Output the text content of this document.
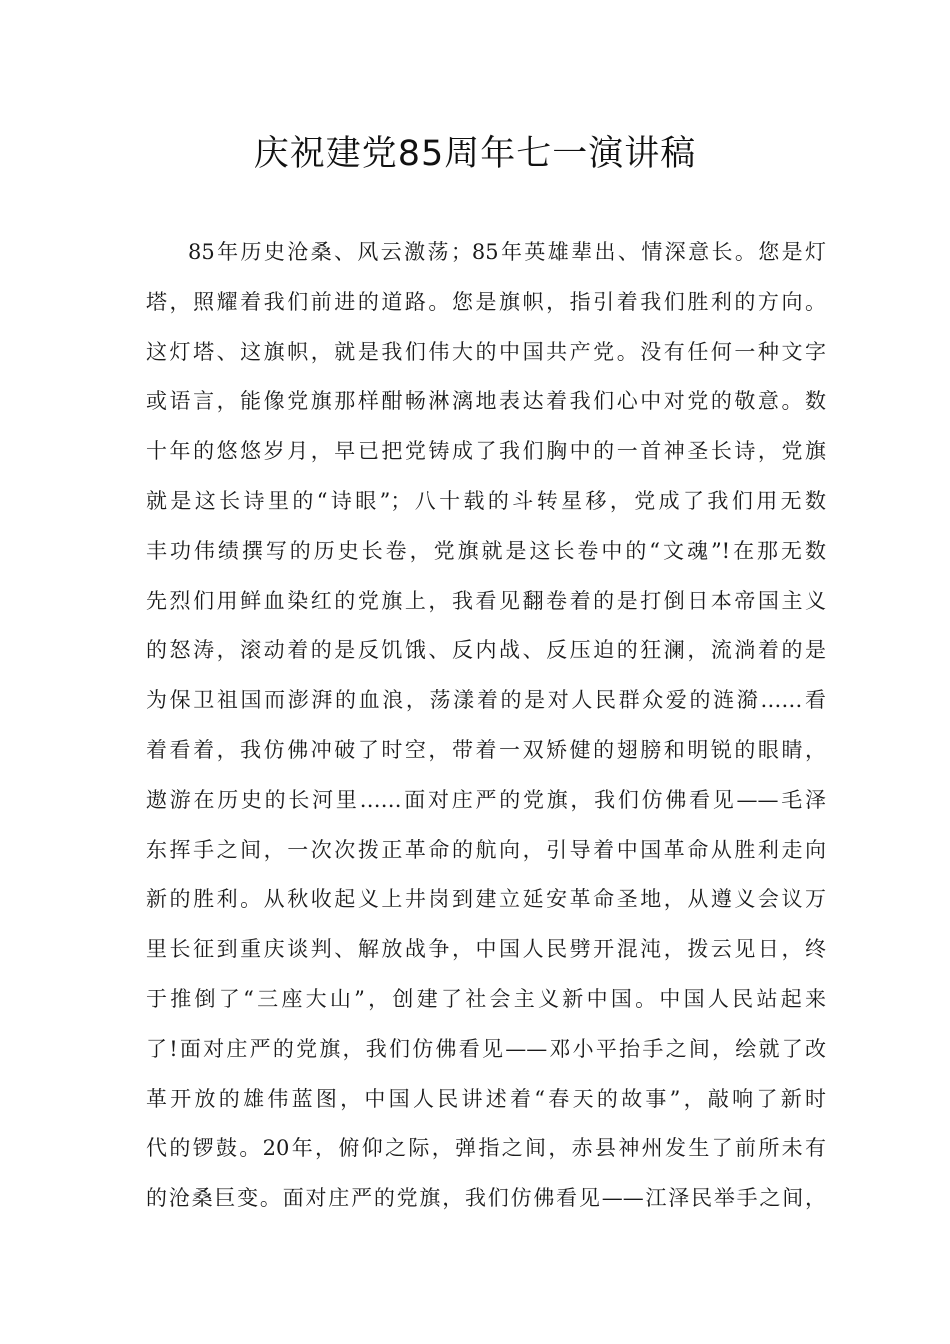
庆祝建党85周年七一演讲稿
85年历史沧桑、风云激荡；85年英雄辈出、情深意长。您是灯
塔，照耀着我们前进的道路。您是旗帜，指引着我们胜利的方向。
这灯塔、这旗帜，就是我们伟大的中国共产党。没有任何一种文字
或语言，能像党旗那样酣畅淋漓地表达着我们心中对党的敬意。数
十年的悠悠岁月，早已把党铸成了我们胸中的一首神圣长诗，党旗
就是这长诗里的“诗眼”；八十载的斗转星移，党成了我们用无数
丰功伟绩撰写的历史长卷，党旗就是这长卷中的“文魂”!在那无数
先烈们用鲜血染红的党旗上，我看见翻卷着的是打倒日本帝国主义
的怒涛，滚动着的是反饥饿、反内战、反压迫的狂澜，流淌着的是
为保卫祖国而澎湃的血浪，荡漾着的是对人民群众爱的涟漪……看
着看着，我仿佛冲破了时空，带着一双矫健的翅膀和明锐的眼睛，
遨游在历史的长河里……面对庄严的党旗，我们仿佛看见——毛泽
东挥手之间，一次次拨正革命的航向，引导着中国革命从胜利走向
新的胜利。从秋收起义上井岗到建立延安革命圣地，从遵义会议万
里长征到重庆谈判、解放战争，中国人民劈开混沌，拨云见日，终
于推倒了“三座大山”，创建了社会主义新中国。中国人民站起来
了!面对庄严的党旗，我们仿佛看见——邓小平抬手之间，绘就了改
革开放的雄伟蓝图，中国人民讲述着“春天的故事”，敲响了新时
代的锣鼓。20年，俯仰之际，弹指之间，赤县神州发生了前所未有
的沧桑巨变。面对庄严的党旗，我们仿佛看见——江泽民举手之间，
